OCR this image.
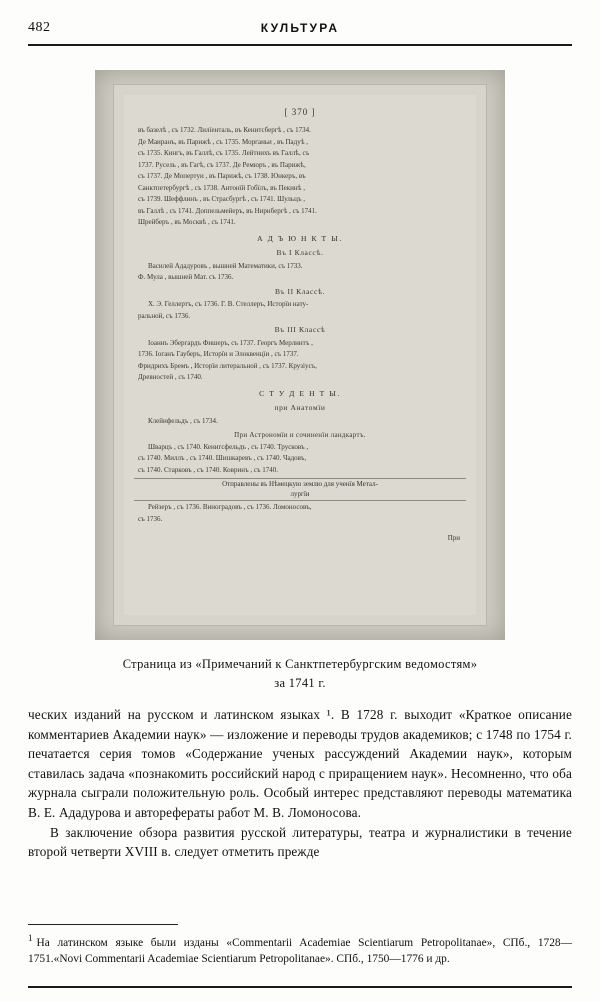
482	КУЛЬТУРА
[ 370 ]

въ базелѣ , съ 1732. Лилїенталь, въ Кенитсбергѣ , съ 1734.

Де Маиранъ, въ Парижѣ , съ 1735. Морганьи , въ Падуѣ ,

съ 1735. Кингъ, въ Галлѣ, съ 1735. Лейтнихъ въ Галлѣ, съ

1737. Русель , въ Гагѣ, съ 1737. Де Ремюръ , въ Парижѣ,

съ 1737. Де Мопертуи , въ Парижѣ, съ 1738. Юнкеръ, въ

Санктпетербургѣ , съ 1738. Антонїй Гобїлъ, въ Пекинѣ ,

съ 1739. Шеффлинъ , въ Страсбургѣ , съ 1741. Шульцъ ,

въ Галлѣ , съ 1741. Доппельмейеръ, въ Нирнбергѣ , съ 1741.

Шрейберъ , въ Москвѣ , съ 1741.

А Д Ъ Ю Н К Т Ы.

Въ I Классѣ.

Василей Ададуровъ , вышней Математики, съ 1733.

Ф. Мула , вышней Мат. съ 1736.

Въ II Классѣ.

Х. Э. Геллертъ, съ 1736. Г. В. Стеллеръ, Исторїи нату-

ральной, съ 1736.

Въ III Классѣ

Іоаннъ Эбергардъ Фишеръ, съ 1737. Георгъ Мерлинтъ ,

1736. Іоганъ Гауберъ, Исторїи и Элоквенцїи , съ 1737.

Фридрихъ Бремъ , Исторїи литеральной , съ 1737. Крузіусъ,

Древностей , съ 1740.

С Т У Д Е Н Т Ы.

при Анатомїи

Клейнфельдъ , съ 1734.

При Астрономїи и сочиненїи ландкартъ.

Шварцъ , съ 1740. Кенигсфельдъ , съ 1740. Трусковъ ,

съ 1740. Миллъ , съ 1740. Шишкаревъ , съ 1740. Чадовъ,

съ 1740. Старковъ , съ 1740. Ковринъ , съ 1740.

Отправлены въ Нѣмецкую землю для ученїя Метал-
лургїи

Рейзеръ , съ 1736. Виноградовъ , съ 1736. Ломоносовъ,

съ 1736.

При
Страница из «Примечаний к Санктпетербургским ведомостям»
за 1741 г.

ческих изданий на русском и латинском языках ¹. В 1728 г. выходит «Краткое описание комментариев Академии наук» — изложение и переводы трудов академиков; с 1748 по 1754 г. печатается серия томов «Содержание ученых рассуждений Академии наук», которым ставилась задача «познакомить российский народ с приращением наук». Несомненно, что оба журнала сыграли положительную роль. Особый интерес представляют переводы математика В. Е. Ададурова и авторефераты работ М. В. Ломоносова.

В заключение обзора развития русской литературы, театра и журналистики в течение второй четверти XVIII в. следует отметить прежде

$^1$ На латинском языке были изданы «Commentarii Academiae Scientiarum Petropolitanae», СПб., 1728—1751.«Novi Commentarii Academiae Scientiarum Petropolitanae». СПб., 1750—1776 и др.
